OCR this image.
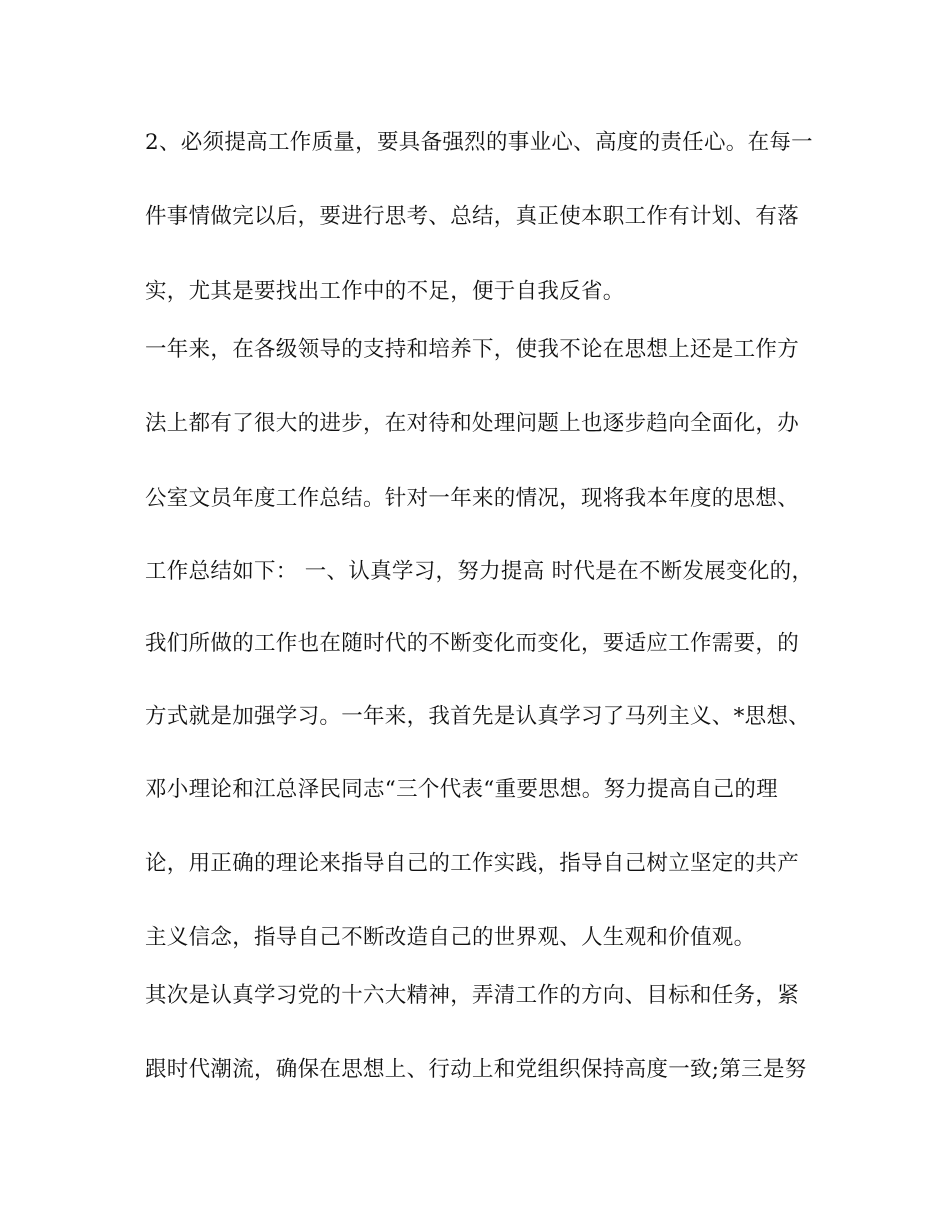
2、必须提高工作质量，要具备强烈的事业心、高度的责任心。在每一
件事情做完以后，要进行思考、总结，真正使本职工作有计划、有落
实，尤其是要找出工作中的不足，便于自我反省。
一年来，在各级领导的支持和培养下，使我不论在思想上还是工作方
法上都有了很大的进步，在对待和处理问题上也逐步趋向全面化，办
公室文员年度工作总结。针对一年来的情况，现将我本年度的思想、
工作总结如下： 一、认真学习，努力提高 时代是在不断发展变化的，
我们所做的工作也在随时代的不断变化而变化，要适应工作需要，的
方式就是加强学习。一年来，我首先是认真学习了马列主义、*思想、
邓小理论和江总泽民同志“三个代表“重要思想。努力提高自己的理
论，用正确的理论来指导自己的工作实践，指导自己树立坚定的共产
主义信念，指导自己不断改造自己的世界观、人生观和价值观。
其次是认真学习党的十六大精神，弄清工作的方向、目标和任务，紧
跟时代潮流，确保在思想上、行动上和党组织保持高度一致;第三是努
